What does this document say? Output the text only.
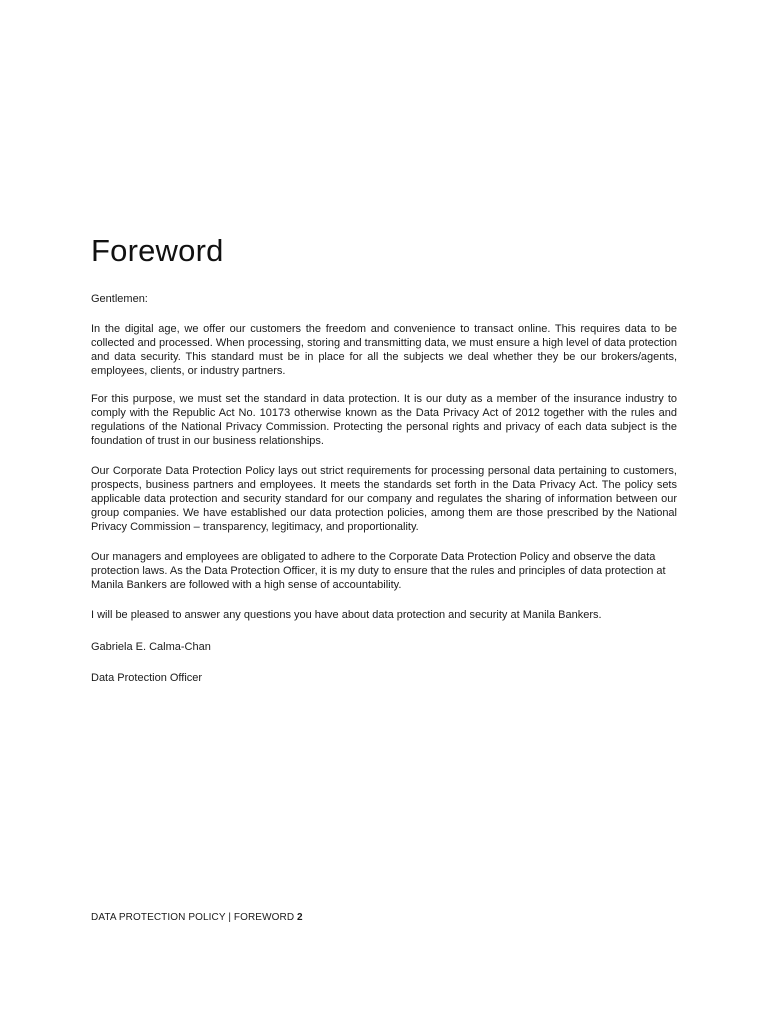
Foreword

Gentlemen:

In the digital age, we offer our customers the freedom and convenience to transact online. This requires data to be collected and processed. When processing, storing and transmitting data, we must ensure a high level of data protection and data security. This standard must be in place for all the subjects we deal whether they be our brokers/agents, employees, clients, or industry partners.

For this purpose, we must set the standard in data protection. It is our duty as a member of the insurance industry to comply with the Republic Act No. 10173 otherwise known as the Data Privacy Act of 2012 together with the rules and regulations of the National Privacy Commission. Protecting the personal rights and privacy of each data subject is the foundation of trust in our business relationships.

Our Corporate Data Protection Policy lays out strict requirements for processing personal data pertaining to customers, prospects, business partners and employees. It meets the standards set forth in the Data Privacy Act. The policy sets applicable data protection and security standard for our company and regulates the sharing of information between our group companies. We have established our data protection policies, among them are those prescribed by the National Privacy Commission – transparency, legitimacy, and proportionality.

Our managers and employees are obligated to adhere to the Corporate Data Protection Policy and observe the data protection laws. As the Data Protection Officer, it is my duty to ensure that the rules and principles of data protection at Manila Bankers are followed with a high sense of accountability.

I will be pleased to answer any questions you have about data protection and security at Manila Bankers.

Gabriela E. Calma-Chan

Data Protection Officer

DATA PROTECTION POLICY | FOREWORD 2
